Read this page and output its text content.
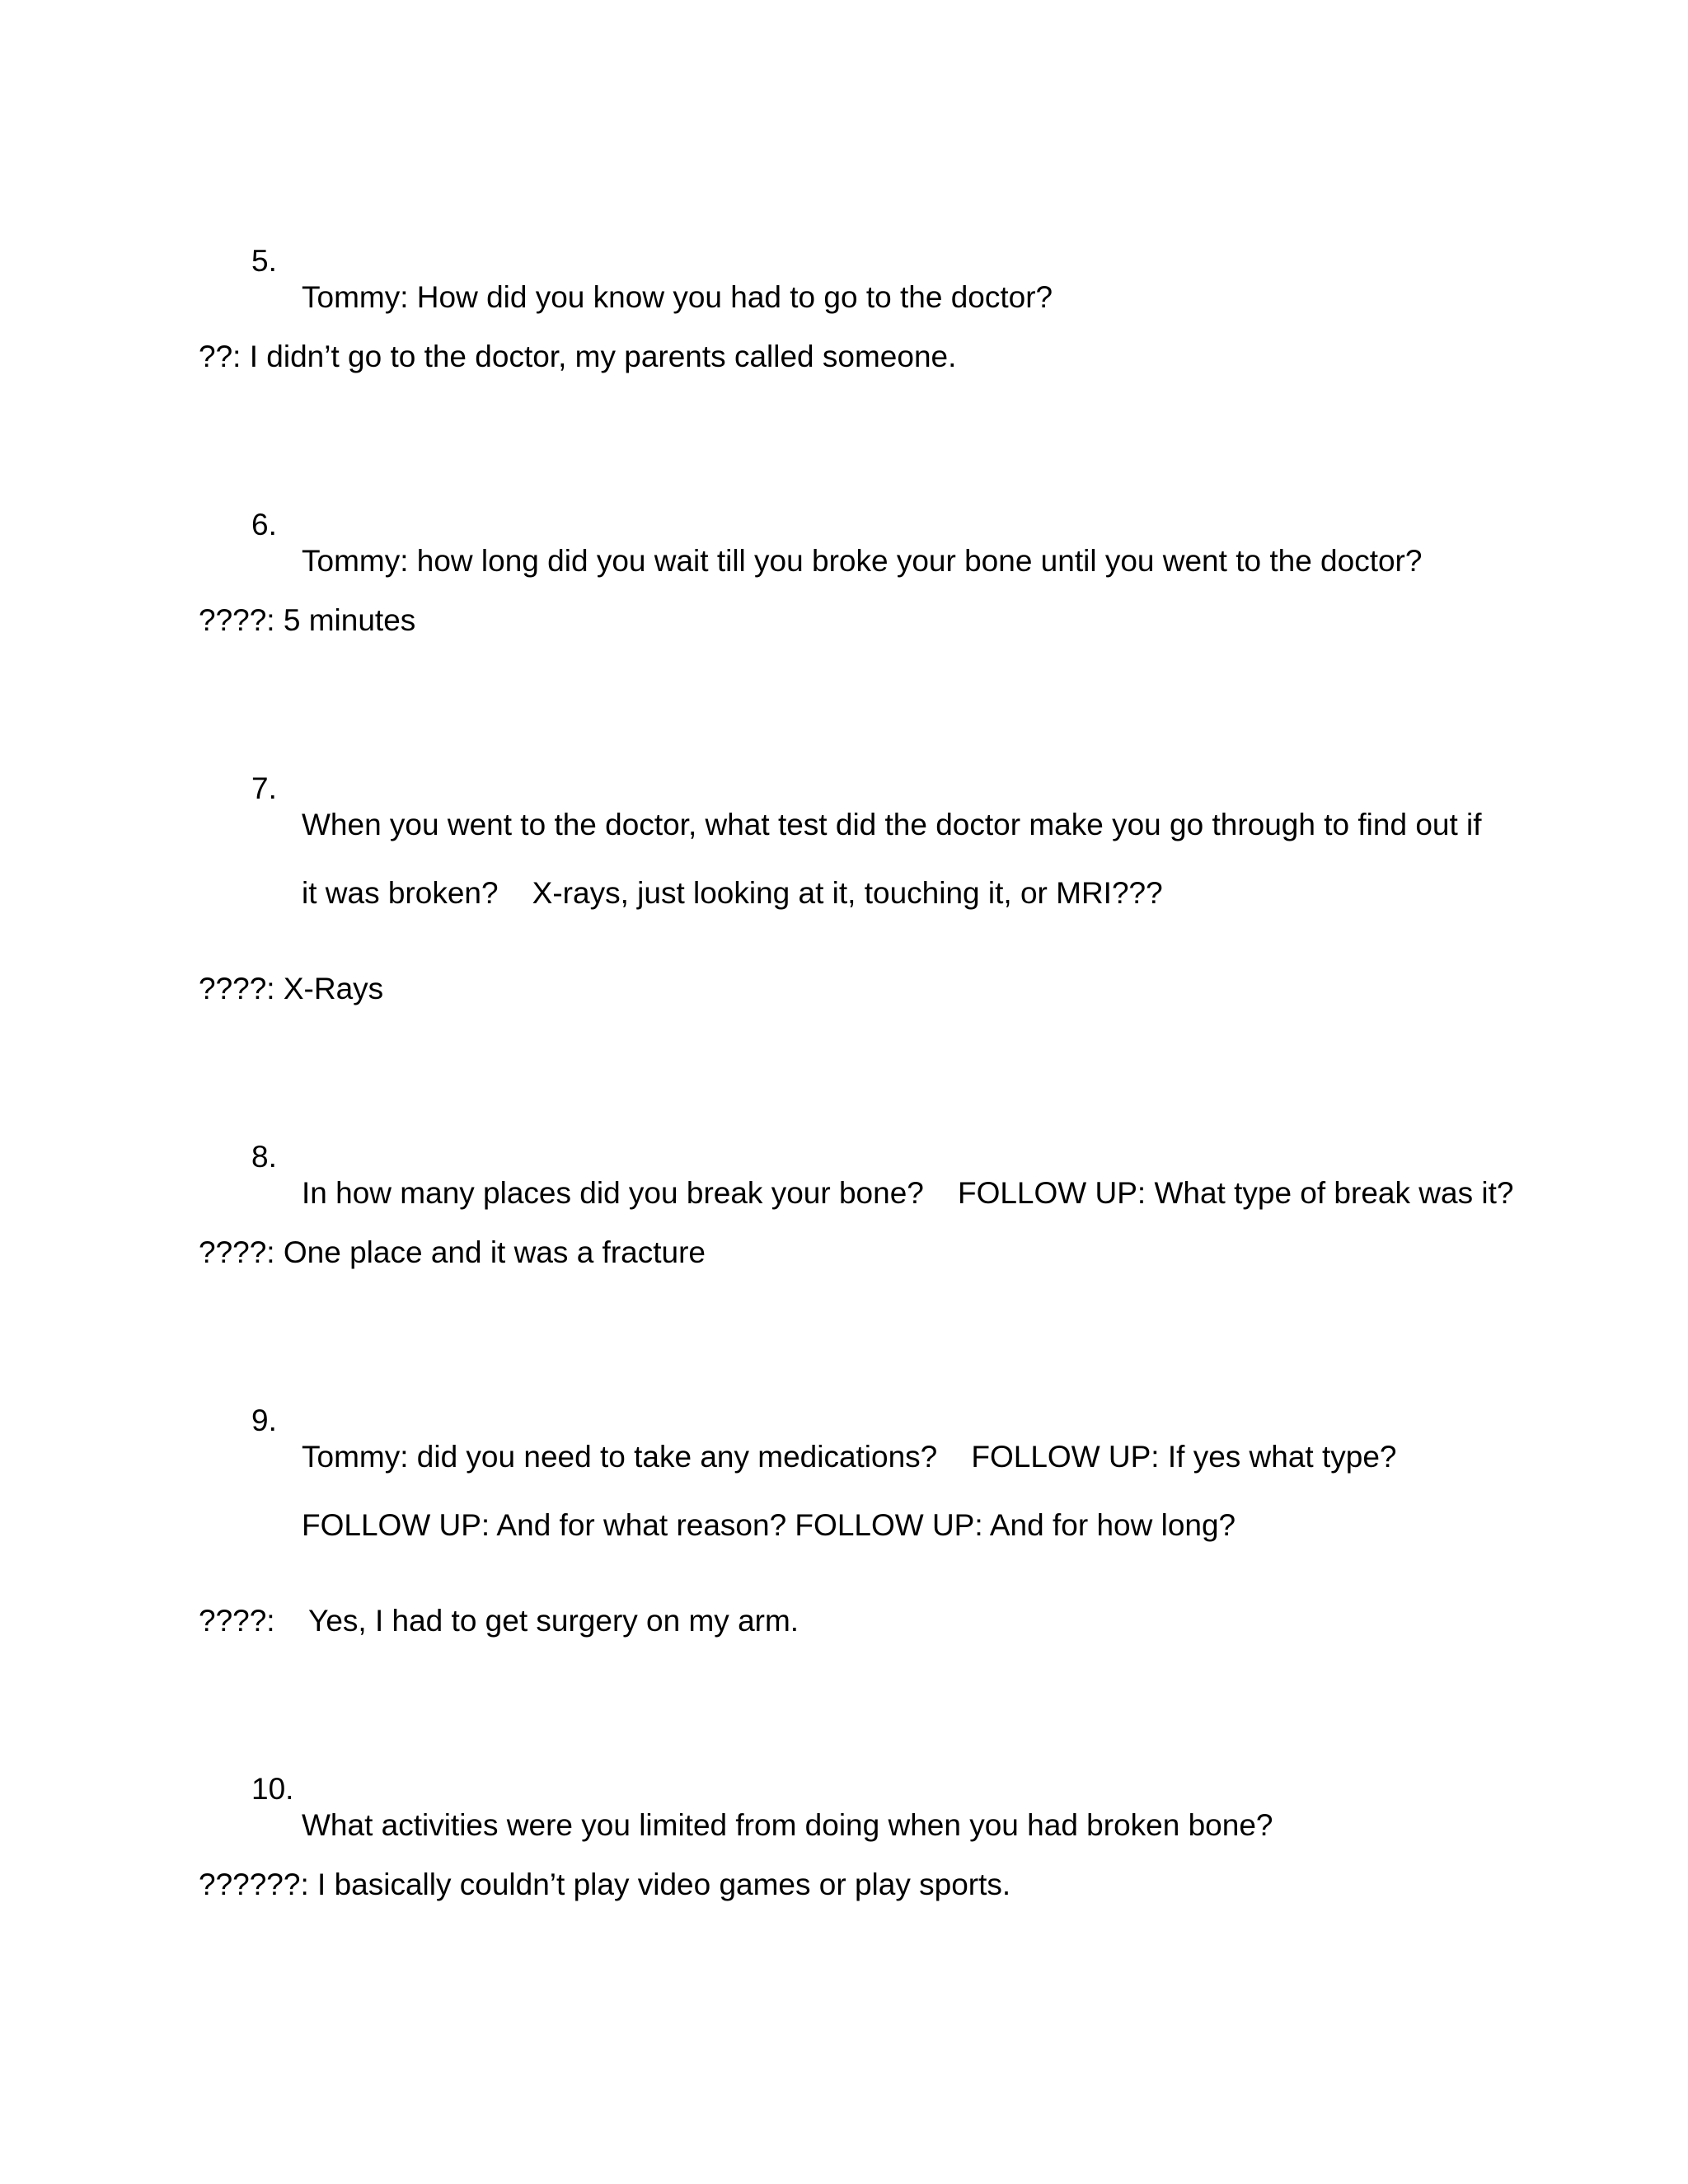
5.

Tommy: How did you know you had to go to the doctor?

??: I didn’t go to the doctor, my parents called someone.

6.

Tommy: how long did you wait till you broke your bone until you went to the doctor?

????: 5 minutes

7.

When you went to the doctor, what test did the doctor make you go through to find out if

it was broken?    X-rays, just looking at it, touching it, or MRI???

????: X-Rays

8.

In how many places did you break your bone?    FOLLOW UP: What type of break was it?

????: One place and it was a fracture

9.

Tommy: did you need to take any medications?    FOLLOW UP: If yes what type?

FOLLOW UP: And for what reason? FOLLOW UP: And for how long?

????:    Yes, I had to get surgery on my arm.

10.

What activities were you limited from doing when you had broken bone?

??????: I basically couldn’t play video games or play sports.
